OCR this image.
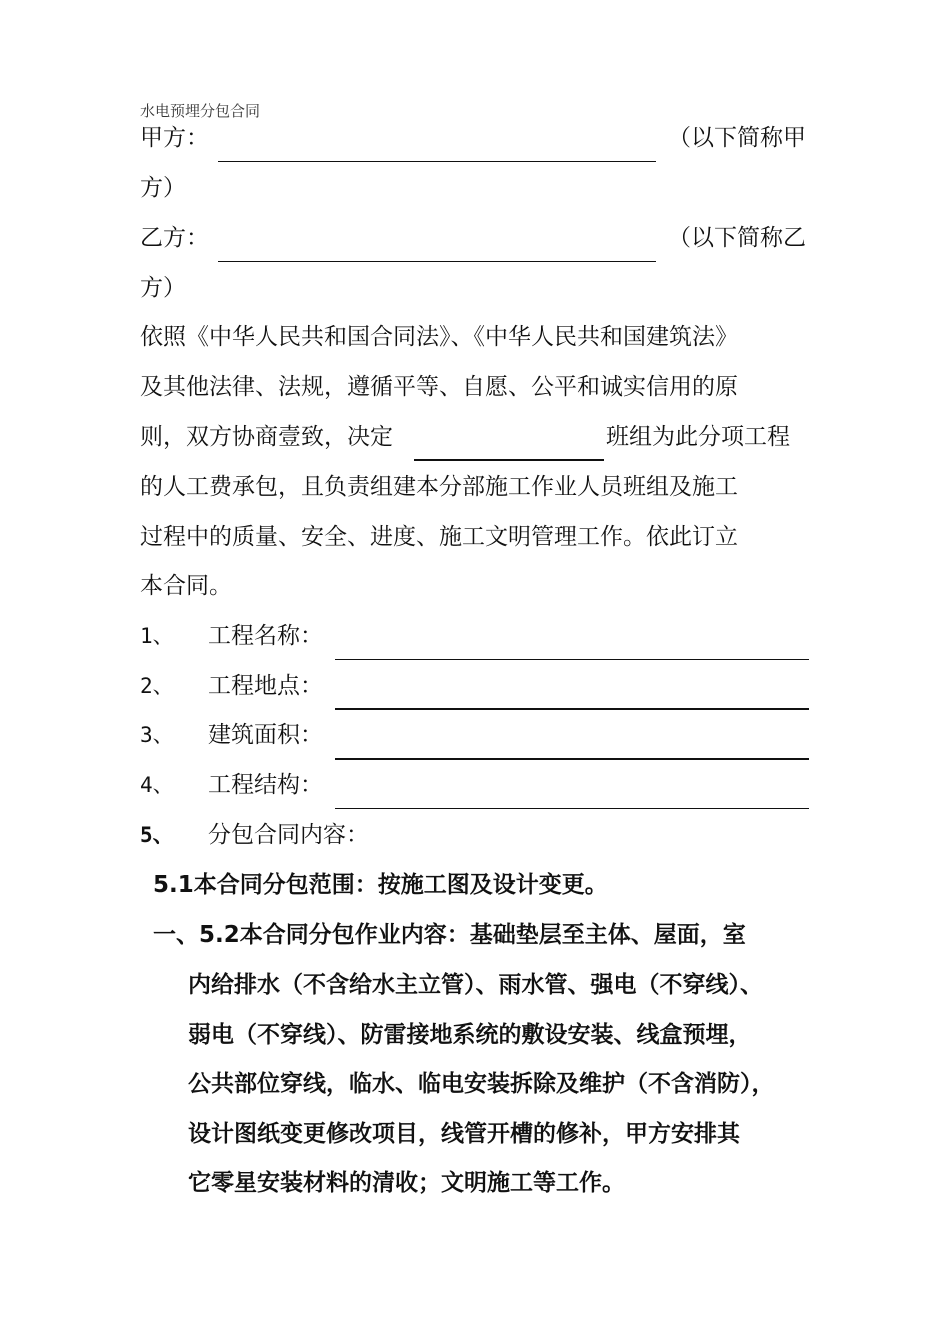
水电预埋分包合同
甲方：	（以下简称甲
方）
乙方：	（以下简称乙
方）
依照《中华人民共和国合同法》、《中华人民共和国建筑法》
及其他法律、法规，遵循平等、自愿、公平和诚实信用的原
则，双方协商壹致，决定	班组为此分项工程
的人工费承包，且负责组建本分部施工作业人员班组及施工
过程中的质量、安全、进度、施工文明管理工作。依此订立
本合同。
1、 工程名称：
2、 工程地点：
3、 建筑面积：
4、 工程结构：
5、 分包合同内容：
5.1本合同分包范围：按施工图及设计变更。
一、5.2本合同分包作业内容：基础垫层至主体、屋面，室
内给排水（不含给水主立管）、雨水管、强电（不穿线）、
弱电（不穿线）、防雷接地系统的敷设安装、线盒预埋，
公共部位穿线，临水、临电安装拆除及维护（不含消防），
设计图纸变更修改项目，线管开槽的修补，甲方安排其
它零星安装材料的清收；文明施工等工作。
